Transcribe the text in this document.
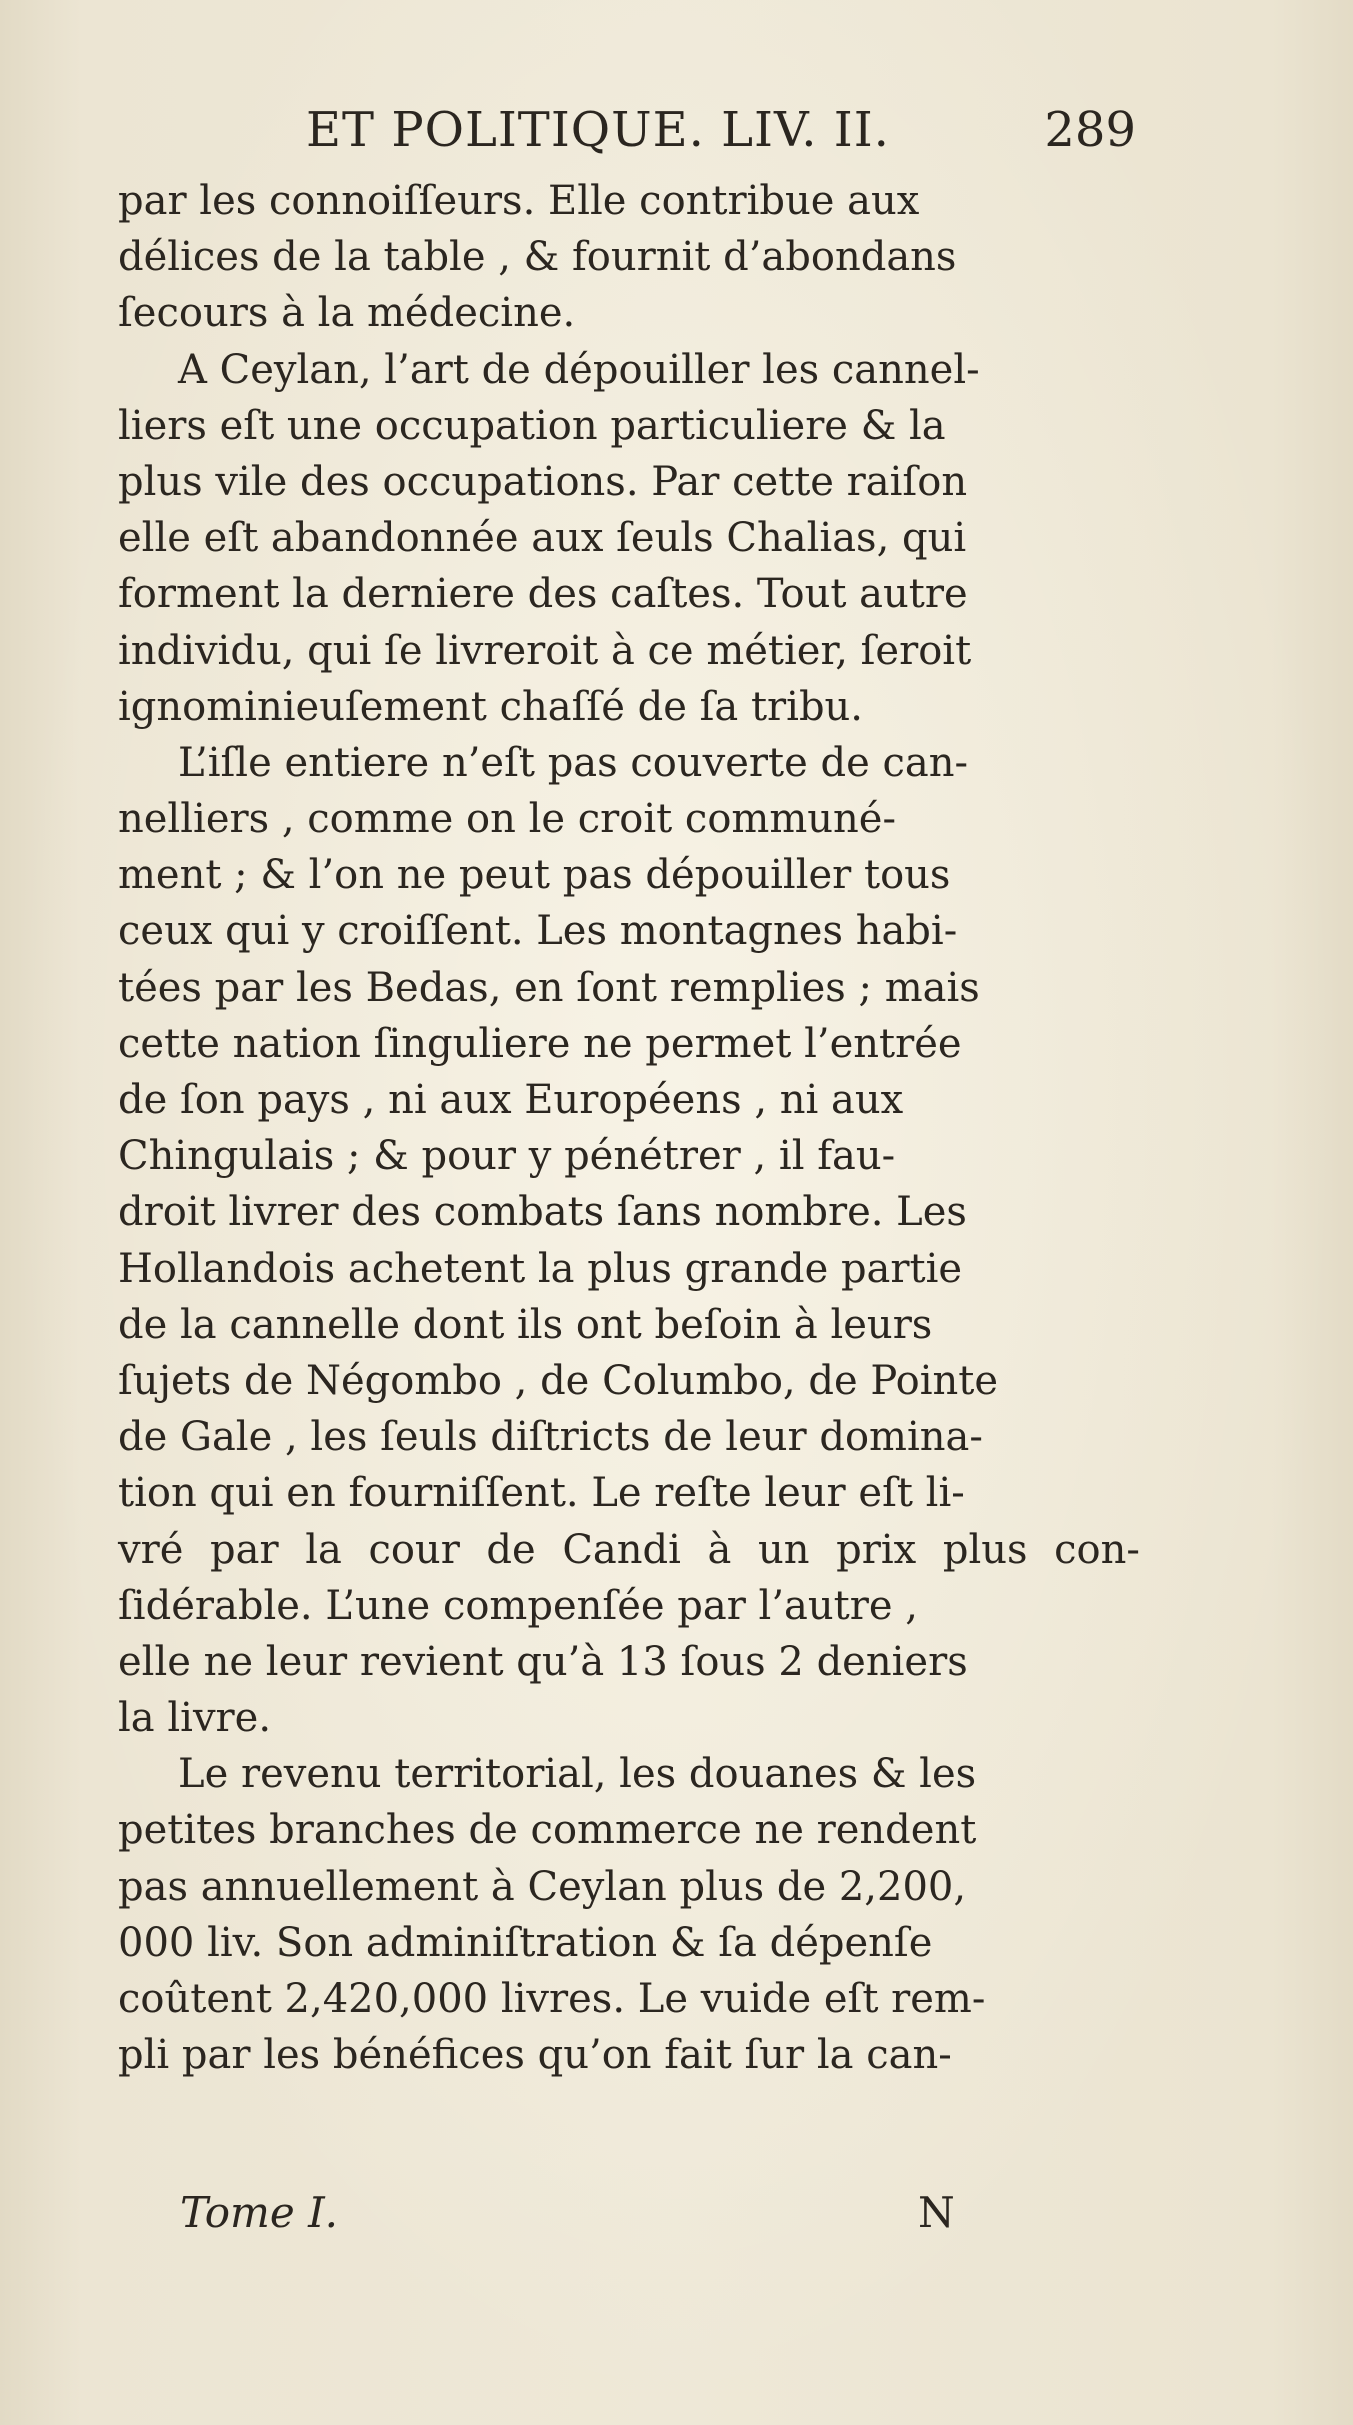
ET POLITIQUE. LIV. II.	289
par les connoiſſeurs. Elle contribue aux
délices de la table , & fournit d’abondans
ſecours à la médecine.
A Ceylan, l’art de dépouiller les cannel-
liers eſt une occupation particuliere & la
plus vile des occupations. Par cette raiſon
elle eſt abandonnée aux ſeuls Chalias, qui
forment la derniere des caſtes. Tout autre
individu, qui ſe livreroit à ce métier, ſeroit
ignominieuſement chaſſé de ſa tribu.
L’iſle entiere n’eſt pas couverte de can-
nelliers , comme on le croit communé-
ment ; & l’on ne peut pas dépouiller tous
ceux qui y croiſſent. Les montagnes habi-
tées par les Bedas, en ſont remplies ; mais
cette nation ſinguliere ne permet l’entrée
de ſon pays , ni aux Européens , ni aux
Chingulais ; & pour y pénétrer , il fau-
droit livrer des combats ſans nombre. Les
Hollandois achetent la plus grande partie
de la cannelle dont ils ont beſoin à leurs
ſujets de Négombo , de Columbo, de Pointe
de Gale , les ſeuls diſtricts de leur domina-
tion qui en fourniſſent. Le reſte leur eſt li-
vré par la cour de Candi à un prix plus con-
ſidérable. L’une compenſée par l’autre ,
elle ne leur revient qu’à 13 ſous 2 deniers
la livre.
Le revenu territorial, les douanes & les
petites branches de commerce ne rendent
pas annuellement à Ceylan plus de 2,200,
000 liv. Son adminiſtration & ſa dépenſe
coûtent 2,420,000 livres. Le vuide eſt rem-
pli par les bénéfices qu’on fait ſur la can-
Tome I.	N
